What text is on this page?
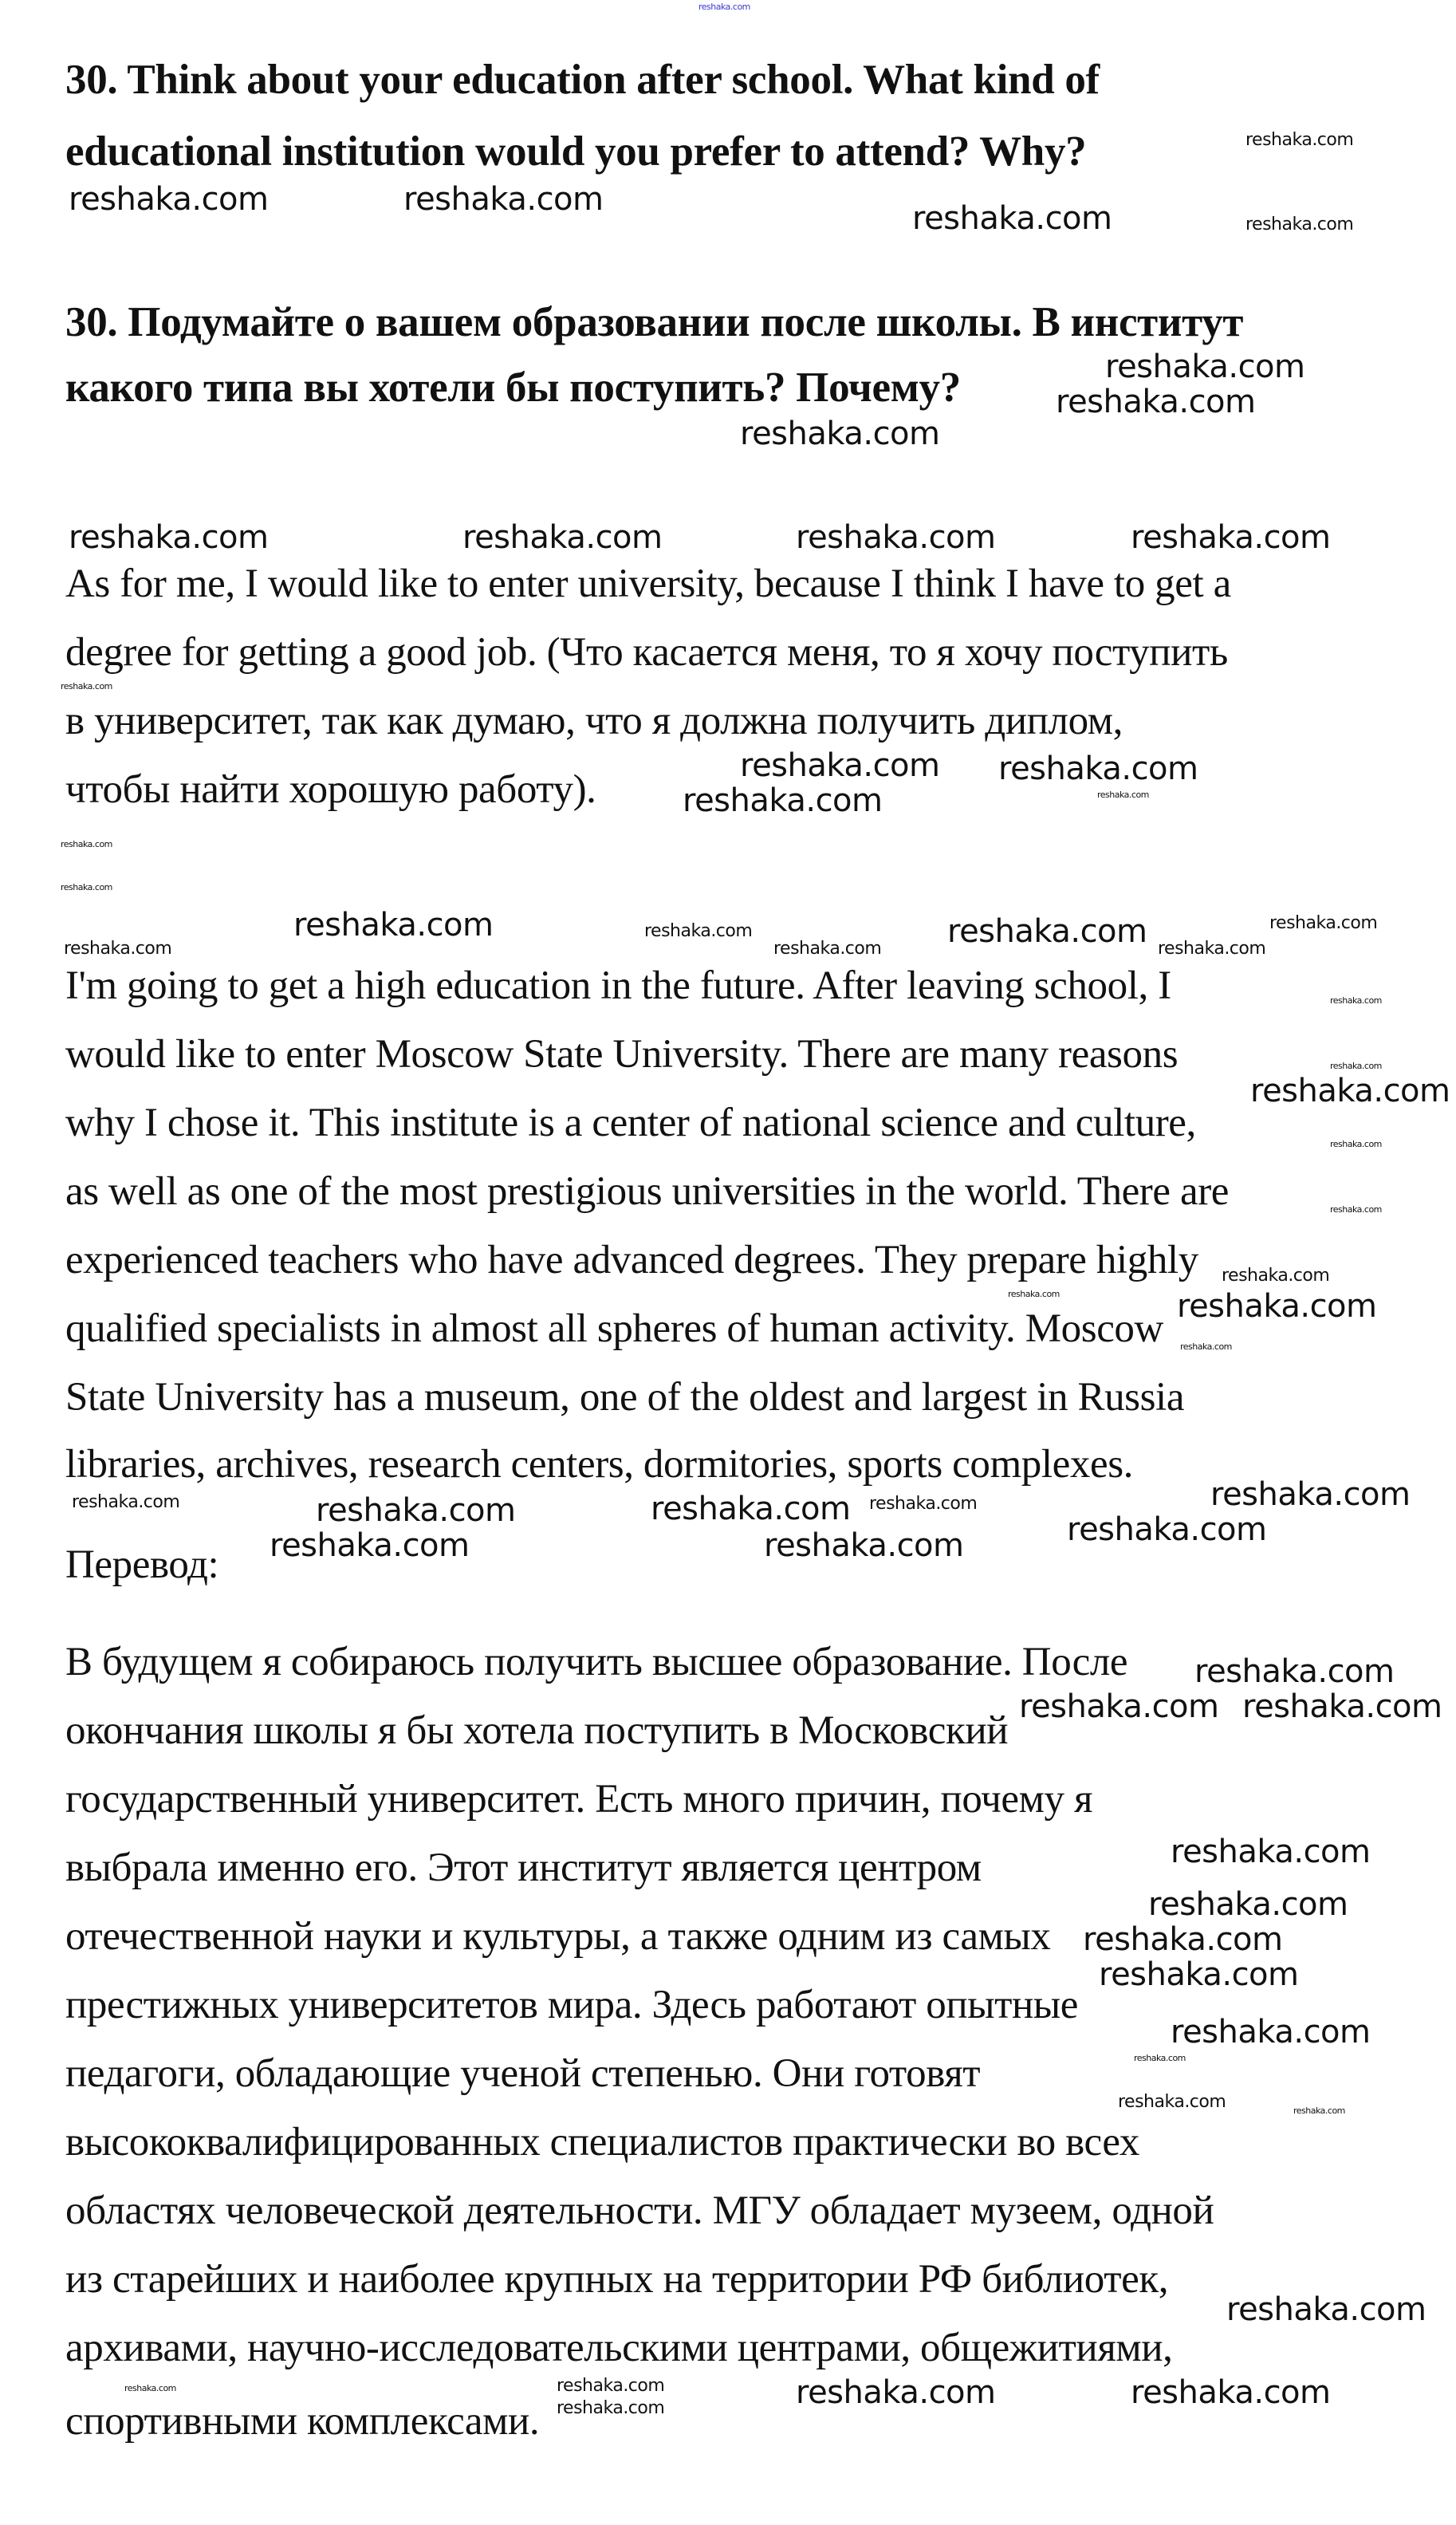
30. Think about your education after school. What kind of
educational institution would you prefer to attend? Why?
30. Подумайте о вашем образовании после школы. В институт
какого типа вы хотели бы поступить? Почему?
As for me, I would like to enter university, because I think I have to get a
degree for getting a good job. (Что касается меня, то я хочу поступить
в университет, так как думаю, что я должна получить диплом,
чтобы найти хорошую работу).
I'm going to get a high education in the future. After leaving school, I
would like to enter Moscow State University. There are many reasons
why I chose it. This institute is a center of national science and culture,
as well as one of the most prestigious universities in the world. There are
experienced teachers who have advanced degrees. They prepare highly
qualified specialists in almost all spheres of human activity. Moscow
State University has a museum, one of the oldest and largest in Russia
libraries, archives, research centers, dormitories, sports complexes.
В будущем я собираюсь получить высшее образование. После
окончания школы я бы хотела поступить в Московский
государственный университет. Есть много причин, почему я
выбрала именно его. Этот институт является центром
отечественной науки и культуры, а также одним из самых
престижных университетов мира. Здесь работают опытные
педагоги, обладающие ученой степенью. Они готовят
высококвалифицированных специалистов практически во всех
областях человеческой деятельности. МГУ обладает музеем, одной
из старейших и наиболее крупных на территории РФ библиотек,
архивами, научно-исследовательскими центрами, общежитиями,
спортивными комплексами.
Перевод:
reshaka.com
reshaka.com	reshaka.com
reshaka.com
reshaka.com
reshaka.com
reshaka.com
reshaka.com
reshaka.com
reshaka.com	reshaka.com	reshaka.com	reshaka.com
reshaka.com
reshaka.com reshaka.com
reshaka.com	reshaka.com
reshaka.com
reshaka.com
reshaka.com	reshaka.com	reshaka.com	reshaka.com
reshaka.com
reshaka.com
reshaka.com	reshaka.com
reshaka.com
reshaka.com
reshaka.com
reshaka.com
reshaka.com
reshaka.com	reshaka.com	reshaka.com
reshaka.com
reshaka.com
reshaka.com
reshaka.com	reshaka.com
reshaka.com
reshaka.com
reshaka.com
reshaka.com
reshaka.com
reshaka.com
reshaka.com
reshaka.com
reshaka.com
reshaka.com
reshaka.com
reshaka.com
reshaka.com	reshaka.com
reshaka.com	reshaka.com	reshaka.com
reshaka.com
reshaka.com
reshaka.com
